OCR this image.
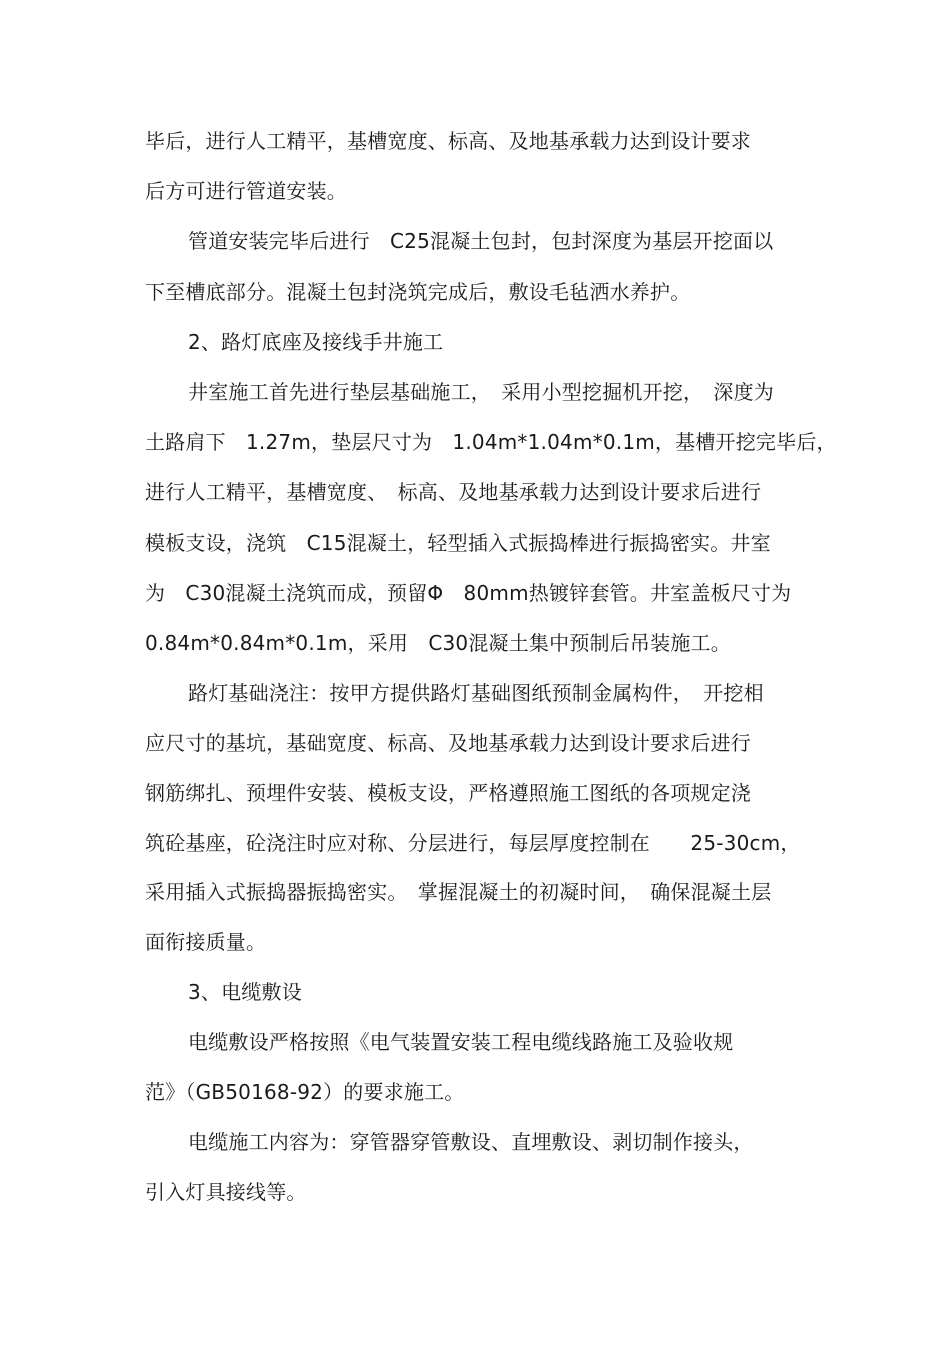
毕后，进行人工精平，基槽宽度、标高、及地基承载力达到设计要求
后方可进行管道安装。
管道安装完毕后进行　C25混凝土包封，包封深度为基层开挖面以
下至槽底部分。混凝土包封浇筑完成后，敷设毛毡洒水养护。
2、路灯底座及接线手井施工
井室施工首先进行垫层基础施工，　采用小型挖掘机开挖，　深度为
土路肩下　1.27m，垫层尺寸为　1.04m*1.04m*0.1m，基槽开挖完毕后，
进行人工精平，基槽宽度、　标高、及地基承载力达到设计要求后进行
模板支设，浇筑　C15混凝土，轻型插入式振捣棒进行振捣密实。井室
为　C30混凝土浇筑而成，预留Φ　80mm热镀锌套管。井室盖板尺寸为
0.84m*0.84m*0.1m，采用　C30混凝土集中预制后吊装施工。
路灯基础浇注：按甲方提供路灯基础图纸预制金属构件，　开挖相
应尺寸的基坑，基础宽度、标高、及地基承载力达到设计要求后进行
钢筋绑扎、预埋件安装、模板支设，严格遵照施工图纸的各项规定浇
筑砼基座，砼浇注时应对称、分层进行，每层厚度控制在　　25-30cm，
采用插入式振捣器振捣密实。　掌握混凝土的初凝时间，　确保混凝土层
面衔接质量。
3、电缆敷设
电缆敷设严格按照《电气装置安装工程电缆线路施工及验收规
范》（GB50168-92）的要求施工。
电缆施工内容为：穿管器穿管敷设、直埋敷设、剥切制作接头，
引入灯具接线等。
